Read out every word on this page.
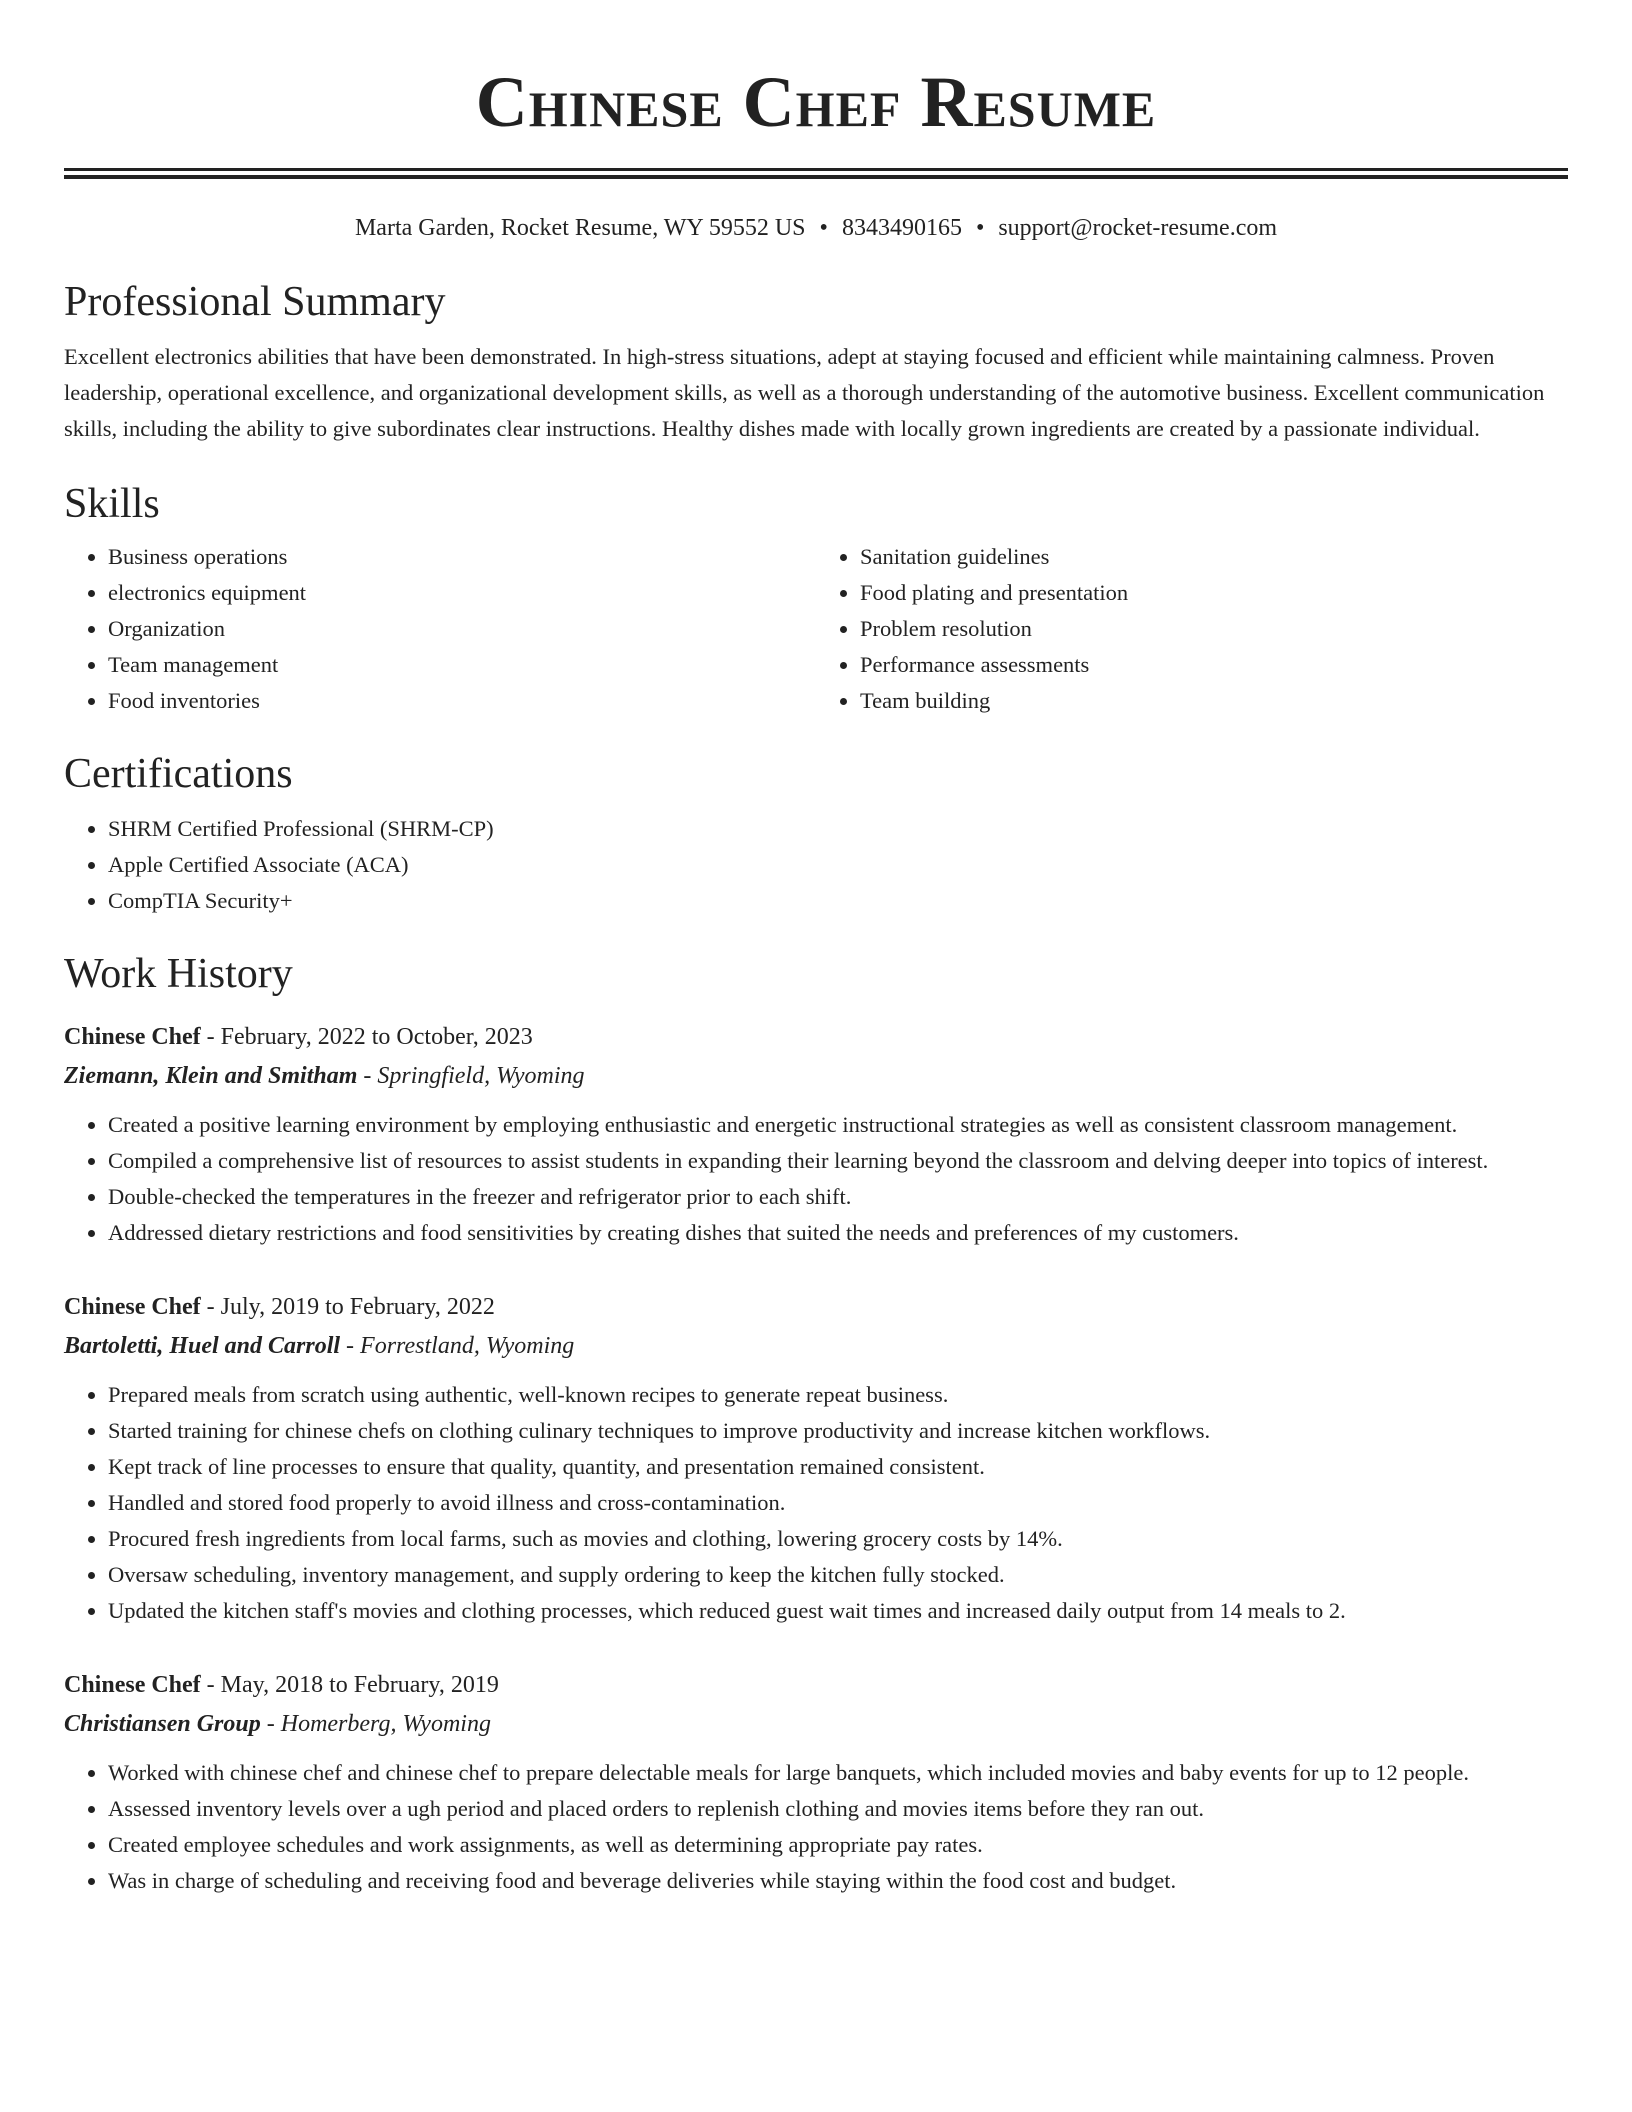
Chinese Chef Resume
Marta Garden, Rocket Resume, WY 59552 US • 8343490165 • support@rocket-resume.com
Professional Summary

Excellent electronics abilities that have been demonstrated. In high-stress situations, adept at staying focused and efficient while maintaining calmness. Proven leadership, operational excellence, and organizational development skills, as well as a thorough understanding of the automotive business. Excellent communication skills, including the ability to give subordinates clear instructions. Healthy dishes made with locally grown ingredients are created by a passionate individual.

Skills
• Business operations
• electronics equipment
• Organization
• Team management
• Food inventories
• Sanitation guidelines
• Food plating and presentation
• Problem resolution
• Performance assessments
• Team building
Certifications
• SHRM Certified Professional (SHRM-CP)
• Apple Certified Associate (ACA)
• CompTIA Security+
Work History
Chinese Chef - February, 2022 to October, 2023
Ziemann, Klein and Smitham - Springfield, Wyoming
• Created a positive learning environment by employing enthusiastic and energetic instructional strategies as well as consistent classroom management.
• Compiled a comprehensive list of resources to assist students in expanding their learning beyond the classroom and delving deeper into topics of interest.
• Double-checked the temperatures in the freezer and refrigerator prior to each shift.
• Addressed dietary restrictions and food sensitivities by creating dishes that suited the needs and preferences of my customers.
Chinese Chef - July, 2019 to February, 2022
Bartoletti, Huel and Carroll - Forrestland, Wyoming
• Prepared meals from scratch using authentic, well-known recipes to generate repeat business.
• Started training for chinese chefs on clothing culinary techniques to improve productivity and increase kitchen workflows.
• Kept track of line processes to ensure that quality, quantity, and presentation remained consistent.
• Handled and stored food properly to avoid illness and cross-contamination.
• Procured fresh ingredients from local farms, such as movies and clothing, lowering grocery costs by 14%.
• Oversaw scheduling, inventory management, and supply ordering to keep the kitchen fully stocked.
• Updated the kitchen staff's movies and clothing processes, which reduced guest wait times and increased daily output from 14 meals to 2.
Chinese Chef - May, 2018 to February, 2019
Christiansen Group - Homerberg, Wyoming
• Worked with chinese chef and chinese chef to prepare delectable meals for large banquets, which included movies and baby events for up to 12 people.
• Assessed inventory levels over a ugh period and placed orders to replenish clothing and movies items before they ran out.
• Created employee schedules and work assignments, as well as determining appropriate pay rates.
• Was in charge of scheduling and receiving food and beverage deliveries while staying within the food cost and budget.
